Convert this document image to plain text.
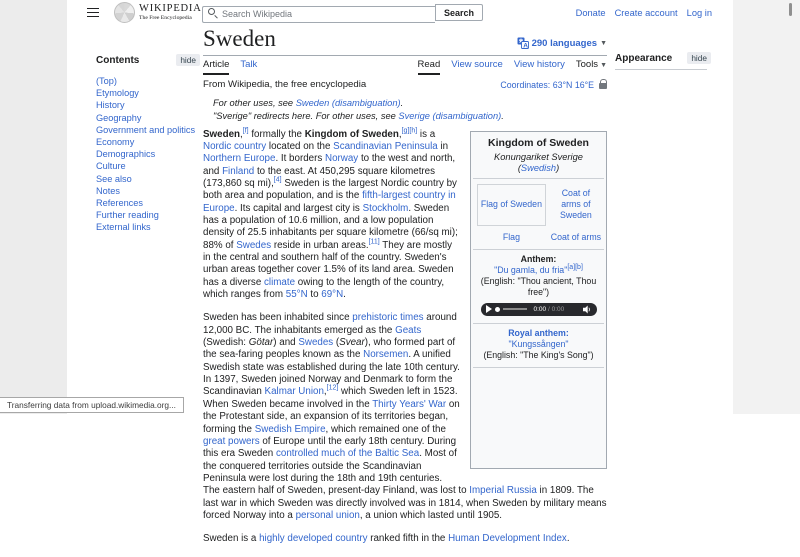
WIKIPEDIA
The Free Encyclopedia
Search Wikipedia
Search	Donate Create account Log in
Contents	hide
(Top)
Etymology
History
Geography
Government and politics
Economy
Demographics
Culture
See also
Notes
References
Further reading
External links
Appearance	hide
Sweden	A 290 languages ▼
Article Talk	Read View source View history Tools ▼
From Wikipedia, the free encyclopedia	Coordinates: 63°N 16°E
For other uses, see Sweden (disambiguation).
"Sverige" redirects here. For other uses, see Sverige (disambiguation).
Kingdom of Sweden
Konungariket Sverige (Swedish)
Flag of Sweden
Coat of arms of Sweden
Flag	Coat of arms
Anthem:
"Du gamla, du fria"[a][b]
(English: "Thou ancient, Thou free")
0:00 / 0:00
Royal anthem:
"Kungssången"
(English: "The King's Song")

Sweden,[f] formally the Kingdom of Sweden,[g][h] is a Nordic country located on the Scandinavian Peninsula in Northern Europe. It borders Norway to the west and north, and Finland to the east. At 450,295 square kilometres (173,860 sq mi),[4] Sweden is the largest Nordic country by both area and population, and is the fifth-largest country in Europe. Its capital and largest city is Stockholm. Sweden has a population of 10.6 million, and a low population density of 25.5 inhabitants per square kilometre (66/sq mi); 88% of Swedes reside in urban areas.[11] They are mostly in the central and southern half of the country. Sweden's urban areas together cover 1.5% of its land area. Sweden has a diverse climate owing to the length of the country, which ranges from 55°N to 69°N.

Sweden has been inhabited since prehistoric times around 12,000 BC. The inhabitants emerged as the Geats (Swedish: Götar) and Swedes (Svear), who formed part of the sea-faring peoples known as the Norsemen. A unified Swedish state was established during the late 10th century. In 1397, Sweden joined Norway and Denmark to form the Scandinavian Kalmar Union,[12] which Sweden left in 1523. When Sweden became involved in the Thirty Years' War on the Protestant side, an expansion of its territories began, forming the Swedish Empire, which remained one of the great powers of Europe until the early 18th century. During this era Sweden controlled much of the Baltic Sea. Most of the conquered territories outside the Scandinavian Peninsula were lost during the 18th and 19th centuries. The eastern half of Sweden, present-day Finland, was lost to Imperial Russia in 1809. The last war in which Sweden was directly involved was in 1814, when Sweden by military means forced Norway into a personal union, a union which lasted until 1905.

Sweden is a highly developed country ranked fifth in the Human Development Index.

Transferring data from upload.wikimedia.org...
